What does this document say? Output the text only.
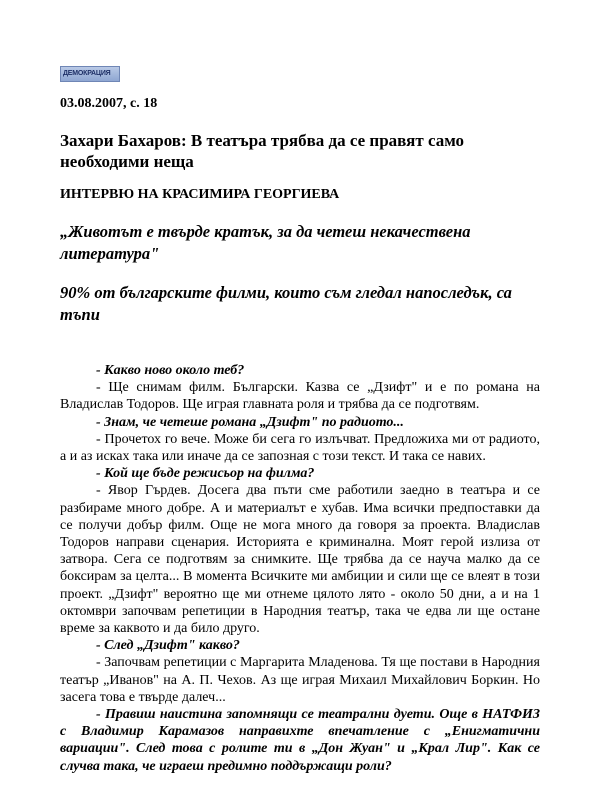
ДЕМОКРАЦИЯ
03.08.2007, с. 18
Захари Бахаров: В театъра трябва да се правят само необходими неща
ИНТЕРВЮ НА КРАСИМИРА ГЕОРГИЕВА
„Животът е твърде кратък, за да четеш некачествена литература"
90% от българските филми, които съм гледал напоследък, са тъпи

- Какво ново около теб?

- Ще снимам филм. Български. Казва се „Дзифт" и е по романа на Владислав Тодоров. Ще играя главната роля и трябва да се подготвям.

- Знам, че четеше романа „Дзифт" по радиото...

- Прочетох го вече. Може би сега го излъчват. Предложиха ми от радиото, а и аз исках така или иначе да се запозная с този текст. И така се навих.

- Кой ще бъде режисьор на филма?

- Явор Гърдев. Досега два пъти сме работили заедно в театъра и се разбираме много добре. А и материалът е хубав. Има всички предпоставки да се получи добър филм. Още не мога много да говоря за проекта. Владислав Тодоров направи сценария. Историята е криминална. Моят герой излиза от затвора. Сега се подготвям за снимките. Ще трябва да се науча малко да се боксирам за целта... В момента Всичките ми амбиции и сили ще се влеят в този проект. „Дзифт" вероятно ще ми отнеме цялото лято - около 50 дни, а и на 1 октомври започвам репетиции в Народния театър, така че едва ли ще остане време за каквото и да било друго.

- След „Дзифт" какво?

- Започвам репетиции с Маргарита Младенова. Тя ще постави в Народния театър „Иванов" на А. П. Чехов. Аз ще играя Михаил Михайлович Боркин. Но засега това е твърде далеч...

- Правиш наистина запомнящи се театрални дуети. Още в НАТФИЗ с Владимир Карамазов направихте впечатление с „Енигматични вариации". След това с ролите ти в „Дон Жуан" и „Крал Лир". Как се случва така, че играеш предимно поддържащи роли?
